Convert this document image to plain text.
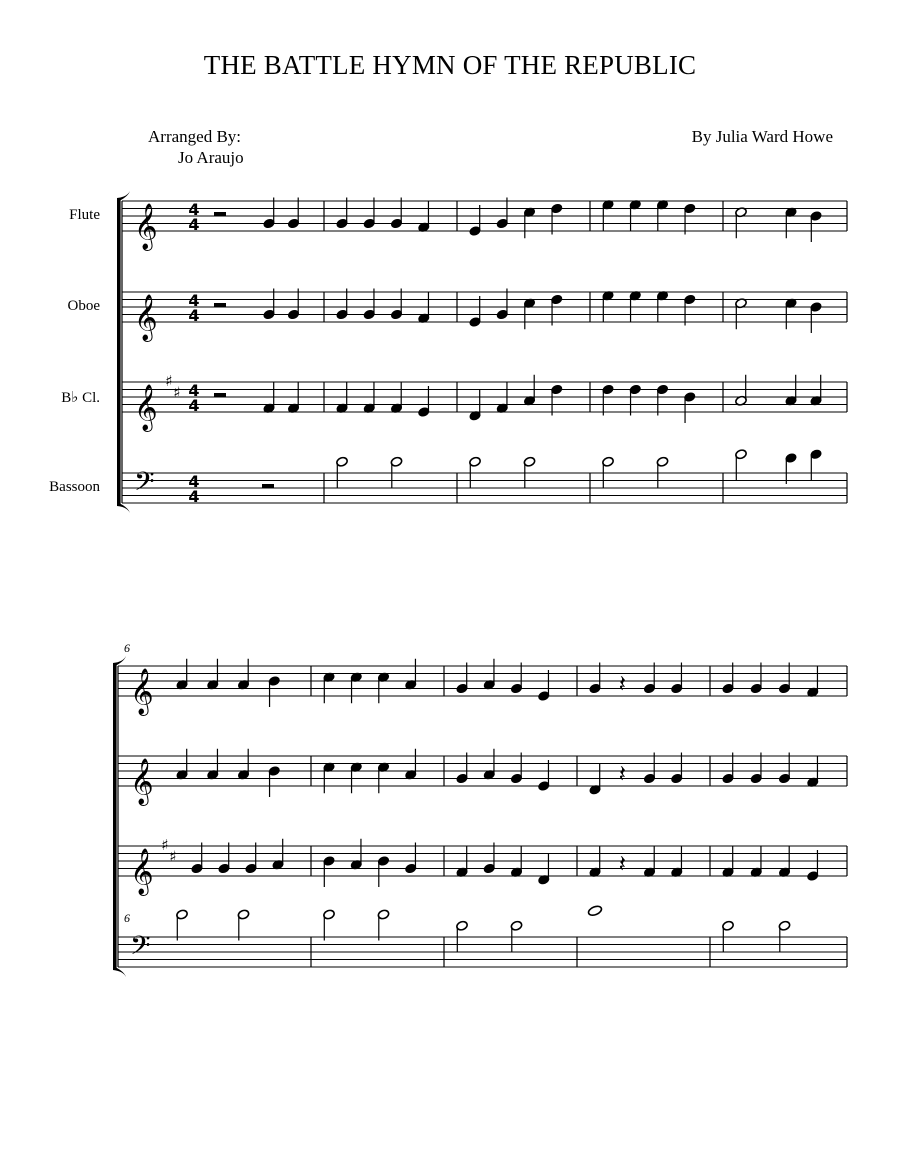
THE BATTLE HYMN OF THE REPUBLIC
Arranged By:
Jo Araujo
By Julia Ward Howe
Flute
Oboe
B♭ Cl.
Bassoon
6
6
𝄞 4
4
𝄞 4
4
𝄞
♯
♯ 4
4
𝄢 4
4
𝄞	𝄽
𝄞	𝄽
𝄞
♯
♯	𝄽
𝄢
